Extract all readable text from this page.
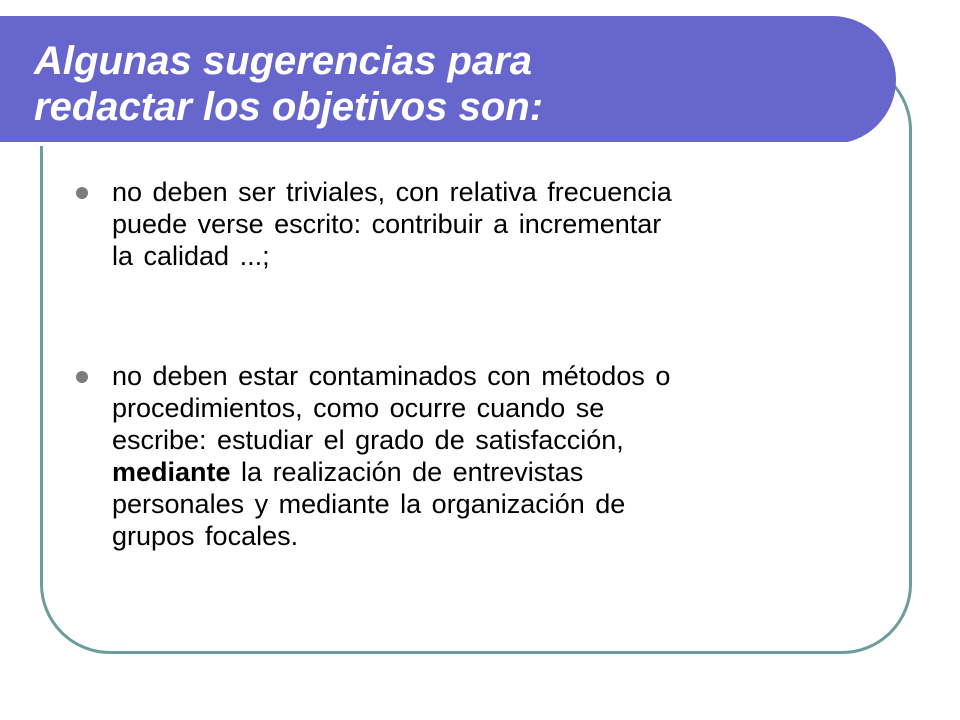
Algunas sugerencias para
redactar los objetivos son:
no deben ser triviales, con relativa frecuencia
puede verse escrito: contribuir a incrementar
la calidad ...;
no deben estar contaminados con métodos o
procedimientos, como ocurre cuando se
escribe: estudiar el grado de satisfacción,
mediante la realización de entrevistas
personales y mediante la organización de
grupos focales.
